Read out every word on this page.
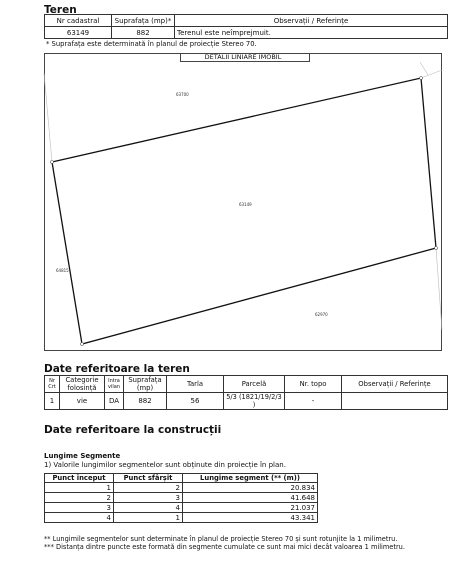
Teren
Nr cadastral	Suprafața (mp)*	Observații / Referințe
63149	882	Terenul este neîmprejmuit.
* Suprafața este determinată în planul de proiecție Stereo 70.
DETALII LINIARE IMOBIL
63700
63149
64815
62970
Date referitoare la teren
Nr Crt	Categorie folosință	Intra vilan	Suprafața (mp)	Tarla	Parcelă	Nr. topo	Observații / Referințe
1	vie	DA	882	56	5/3 (1821/19/2/3 )	-	
Date referitoare la construcții
Lungime Segmente
1) Valorile lungimilor segmentelor sunt obținute din proiecție în plan.
Punct început	Punct sfârșit	Lungime segment (** (m))
1	2	20.834
2	3	41.648
3	4	21.037
4	1	43.341
** Lungimile segmentelor sunt determinate în planul de proiecție Stereo 70 și sunt rotunjite la 1 milimetru.
*** Distanța dintre puncte este formată din segmente cumulate ce sunt mai mici decât valoarea 1 milimetru.
